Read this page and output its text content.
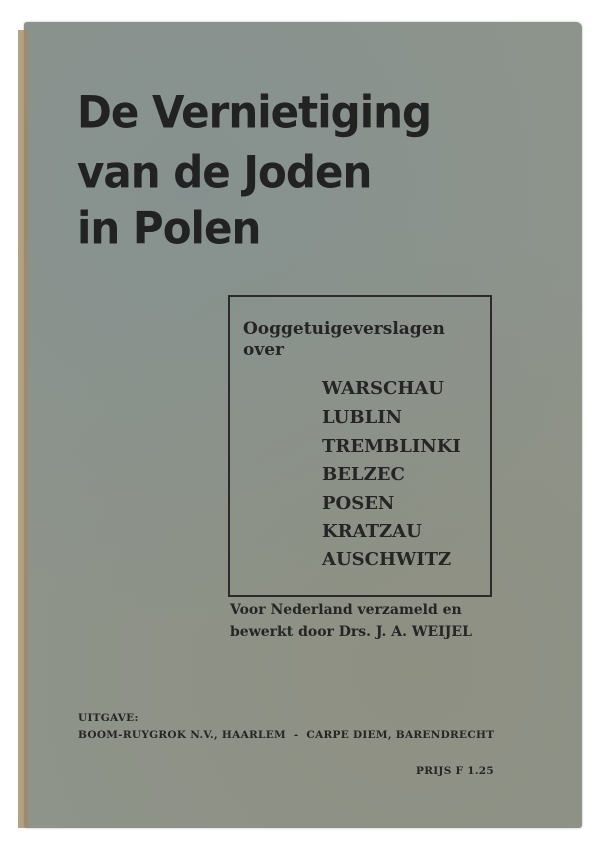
De Vernietiging
van de Joden
in Polen
Ooggetuigeverslagen
over
WARSCHAU
LUBLIN
TREMBLINKI
BELZEC
POSEN
KRATZAU
AUSCHWITZ
Voor Nederland verzameld en
bewerkt door Drs. J. A. WEIJEL
UITGAVE:
BOOM-RUYGROK N.V., HAARLEM  -  CARPE DIEM, BARENDRECHT
PRIJS F 1.25
